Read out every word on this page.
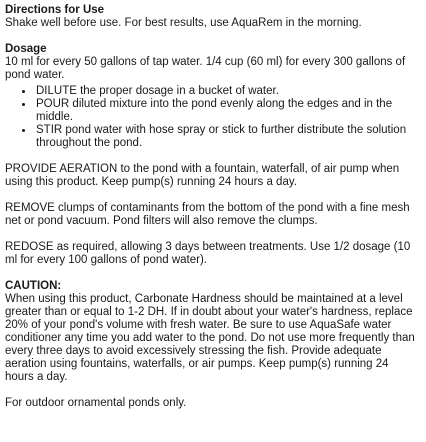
Directions for Use

Shake well before use. For best results, use AquaRem in the morning.

Dosage

10 ml for every 50 gallons of tap water. 1/4 cup (60 ml) for every 300 gallons of pond water.

• DILUTE the proper dosage in a bucket of water.
• POUR diluted mixture into the pond evenly along the edges and in the middle.
• STIR pond water with hose spray or stick to further distribute the solution throughout the pond.

PROVIDE AERATION to the pond with a fountain, waterfall, of air pump when using this product. Keep pump(s) running 24 hours a day.

REMOVE clumps of contaminants from the bottom of the pond with a fine mesh net or pond vacuum. Pond filters will also remove the clumps.

REDOSE as required, allowing 3 days between treatments. Use 1/2 dosage (10 ml for every 100 gallons of pond water).

CAUTION:

When using this product, Carbonate Hardness should be maintained at a level greater than or equal to 1-2 DH. If in doubt about your water's hardness, replace 20% of your pond's volume with fresh water. Be sure to use AquaSafe water conditioner any time you add water to the pond. Do not use more frequently than every three days to avoid excessively stressing the fish. Provide adequate aeration using fountains, waterfalls, or air pumps. Keep pump(s) running 24 hours a day.

For outdoor ornamental ponds only.
